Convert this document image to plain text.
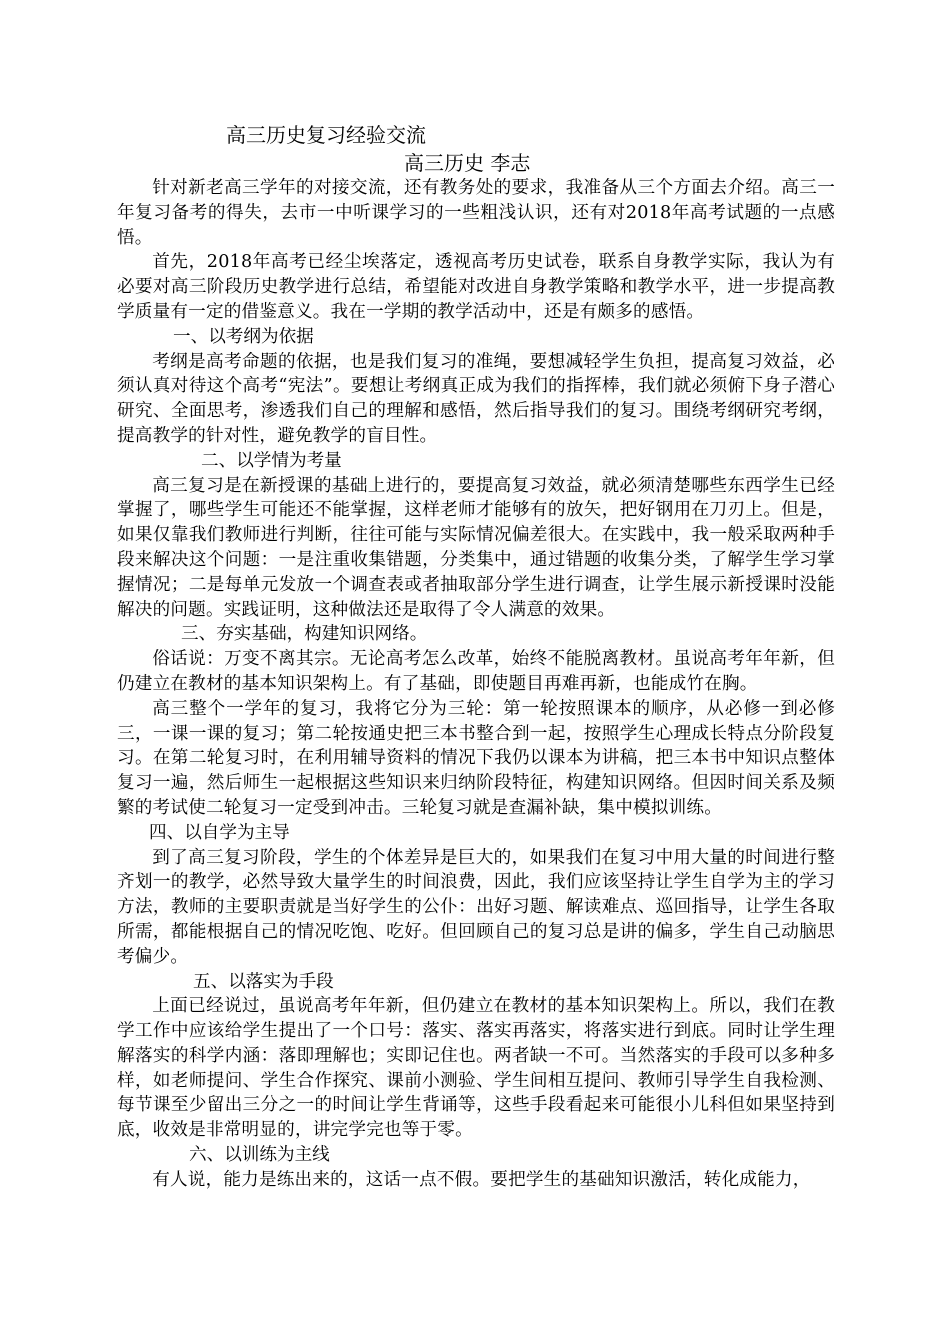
高三历史复习经验交流
高三历史 李志

针对新老高三学年的对接交流，还有教务处的要求，我准备从三个方面去介绍。高三一年复习备考的得失，去市一中听课学习的一些粗浅认识，还有对2018年高考试题的一点感悟。

首先，2018年高考已经尘埃落定，透视高考历史试卷，联系自身教学实际，我认为有必要对高三阶段历史教学进行总结，希望能对改进自身教学策略和教学水平，进一步提高教学质量有一定的借鉴意义。我在一学期的教学活动中，还是有颇多的感悟。

一、以考纲为依据

考纲是高考命题的依据，也是我们复习的准绳，要想减轻学生负担，提高复习效益，必须认真对待这个高考“宪法”。要想让考纲真正成为我们的指挥棒，我们就必须俯下身子潜心研究、全面思考，渗透我们自己的理解和感悟，然后指导我们的复习。围绕考纲研究考纲，提高教学的针对性，避免教学的盲目性。

二、以学情为考量

高三复习是在新授课的基础上进行的，要提高复习效益，就必须清楚哪些东西学生已经掌握了，哪些学生可能还不能掌握，这样老师才能够有的放矢，把好钢用在刀刃上。但是，如果仅靠我们教师进行判断，往往可能与实际情况偏差很大。在实践中，我一般采取两种手段来解决这个问题：一是注重收集错题，分类集中，通过错题的收集分类，了解学生学习掌握情况；二是每单元发放一个调查表或者抽取部分学生进行调查，让学生展示新授课时没能解决的问题。实践证明，这种做法还是取得了令人满意的效果。

三、夯实基础，构建知识网络。

俗话说：万变不离其宗。无论高考怎么改革，始终不能脱离教材。虽说高考年年新，但仍建立在教材的基本知识架构上。有了基础，即使题目再难再新，也能成竹在胸。

高三整个一学年的复习，我将它分为三轮：第一轮按照课本的顺序，从必修一到必修三，一课一课的复习；第二轮按通史把三本书整合到一起，按照学生心理成长特点分阶段复习。在第二轮复习时，在利用辅导资料的情况下我仍以课本为讲稿，把三本书中知识点整体复习一遍，然后师生一起根据这些知识来归纳阶段特征，构建知识网络。但因时间关系及频繁的考试使二轮复习一定受到冲击。三轮复习就是查漏补缺，集中模拟训练。

四、以自学为主导

到了高三复习阶段，学生的个体差异是巨大的，如果我们在复习中用大量的时间进行整齐划一的教学，必然导致大量学生的时间浪费，因此，我们应该坚持让学生自学为主的学习方法，教师的主要职责就是当好学生的公仆：出好习题、解读难点、巡回指导，让学生各取所需，都能根据自己的情况吃饱、吃好。但回顾自己的复习总是讲的偏多，学生自己动脑思考偏少。

五、以落实为手段

上面已经说过，虽说高考年年新，但仍建立在教材的基本知识架构上。所以，我们在教学工作中应该给学生提出了一个口号：落实、落实再落实，将落实进行到底。同时让学生理解落实的科学内涵：落即理解也；实即记住也。两者缺一不可。当然落实的手段可以多种多样，如老师提问、学生合作探究、课前小测验、学生间相互提问、教师引导学生自我检测、每节课至少留出三分之一的时间让学生背诵等，这些手段看起来可能很小儿科但如果坚持到底，收效是非常明显的，讲完学完也等于零。

六、以训练为主线

有人说，能力是练出来的，这话一点不假。要把学生的基础知识激活，转化成能力，
